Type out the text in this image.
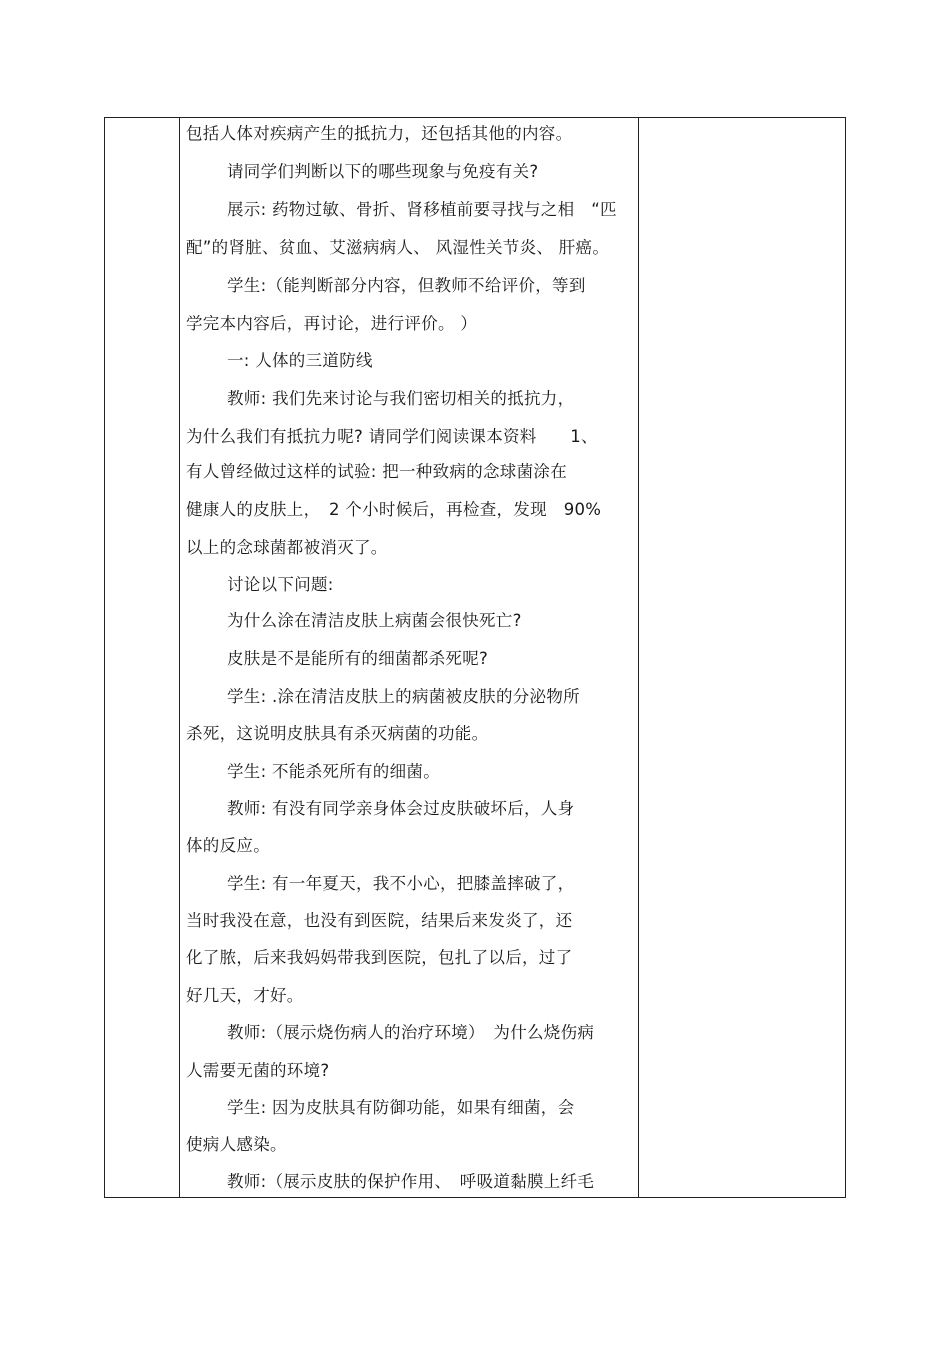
包括人体对疾病产生的抵抗力，还包括其他的内容。
请同学们判断以下的哪些现象与免疫有关?
展示: 药物过敏、骨折、肾移植前要寻找与之相　“匹
配”的肾脏、贫血、艾滋病病人、 风湿性关节炎、 肝癌。
学生:（能判断部分内容，但教师不给评价，等到
学完本内容后，再讨论，进行评价。 ）
一: 人体的三道防线
教师: 我们先来讨论与我们密切相关的抵抗力，
为什么我们有抵抗力呢? 请同学们阅读课本资料　　1、
有人曾经做过这样的试验: 把一种致病的念球菌涂在
健康人的皮肤上，　2 个小时候后，再检查，发现　90%
以上的念球菌都被消灭了。
讨论以下问题:
为什么涂在清洁皮肤上病菌会很快死亡?
皮肤是不是能所有的细菌都杀死呢?
学生: .涂在清洁皮肤上的病菌被皮肤的分泌物所
杀死，这说明皮肤具有杀灭病菌的功能。
学生: 不能杀死所有的细菌。
教师: 有没有同学亲身体会过皮肤破坏后，人身
体的反应。
学生: 有一年夏天，我不小心，把膝盖摔破了，
当时我没在意，也没有到医院，结果后来发炎了，还
化了脓，后来我妈妈带我到医院，包扎了以后，过了
好几天，才好。
教师:（展示烧伤病人的治疗环境）　为什么烧伤病
人需要无菌的环境?
学生: 因为皮肤具有防御功能，如果有细菌，会
使病人感染。
教师:（展示皮肤的保护作用、　呼吸道黏膜上纤毛
